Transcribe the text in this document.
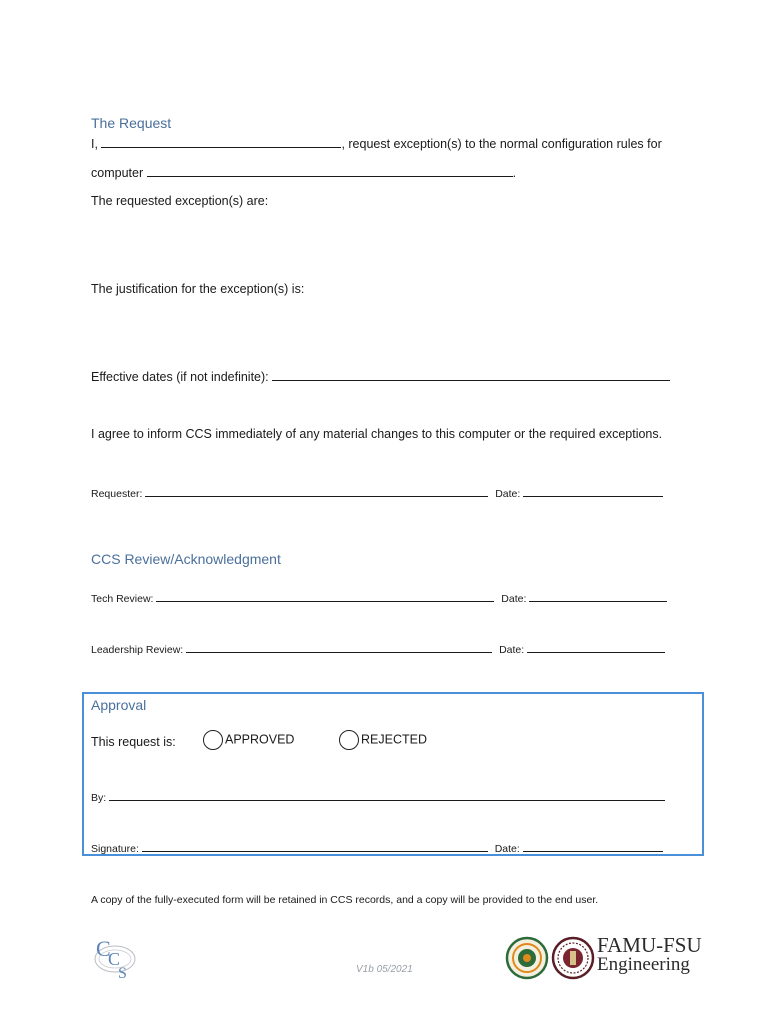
The Request
I,	, request exception(s) to the normal configuration rules for
computer	.
The requested exception(s) are:
The justification for the exception(s) is:
Effective dates (if not indefinite):
I agree to inform CCS immediately of any material changes to this computer or the required exceptions.
Requester:	Date:
CCS Review/Acknowledgment
Tech Review:	Date:
Leadership Review:	Date:
Approval
This request is:	APPROVED	REJECTED
By:
Signature:	Date:
A copy of the fully-executed form will be retained in CCS records, and a copy will be provided to the end user.
C
C
S	V1b 05/2021
FAMU-FSU
Engineering
